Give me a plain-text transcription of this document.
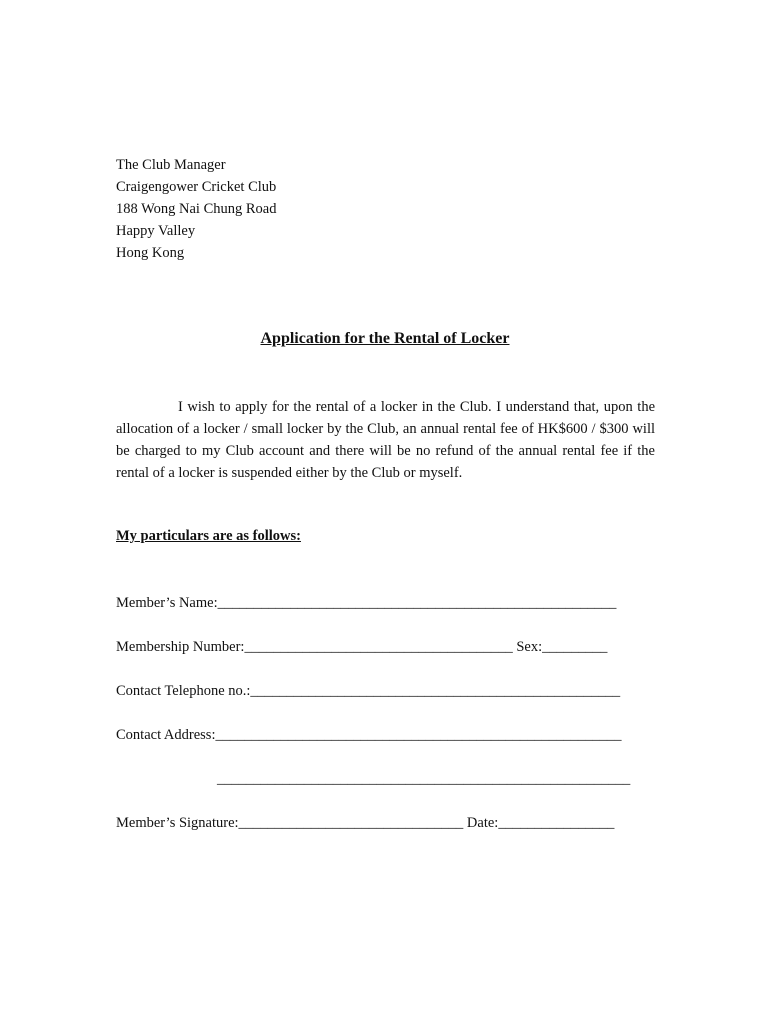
The Club Manager
Craigengower Cricket Club
188 Wong Nai Chung Road
Happy Valley
Hong Kong
Application for the Rental of Locker
I wish to apply for the rental of a locker in the Club. I understand that, upon the allocation of a locker / small locker by the Club, an annual rental fee of HK$600 / $300 will be charged to my Club account and there will be no refund of the annual rental fee if the rental of a locker is suspended either by the Club or myself.
My particulars are as follows:
Member’s Name:_______________________________________________________
Membership Number:_____________________________________ Sex:_________
Contact Telephone no.:___________________________________________________
Contact Address:________________________________________________________
_________________________________________________________
Member’s Signature:_______________________________ Date:________________
